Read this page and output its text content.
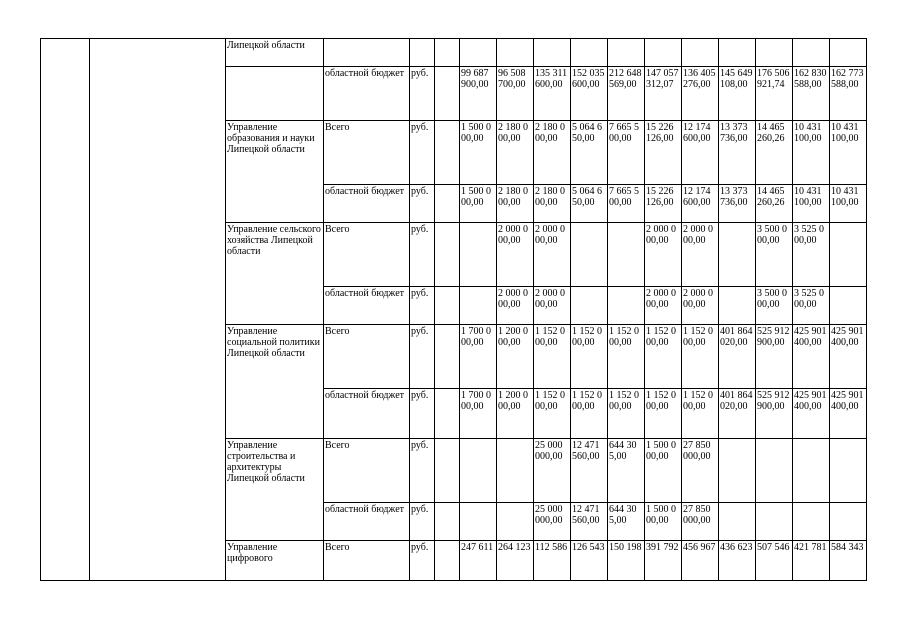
		Липецкой области														
			областной бюджет	руб.		99 687 900,00	96 508 700,00	135 311 600,00	152 035 600,00	212 648 569,00	147 057 312,07	136 405 276,00	145 649 108,00	176 506 921,74	162 830 588,00	162 773 588,00
		Управление образования и науки Липецкой области	Всего	руб.		1 500 000,00	2 180 000,00	2 180 000,00	5 064 650,00	7 665 500,00	15 226 126,00	12 174 600,00	13 373 736,00	14 465 260,26	10 431 100,00	10 431 100,00
			областной бюджет	руб.		1 500 000,00	2 180 000,00	2 180 000,00	5 064 650,00	7 665 500,00	15 226 126,00	12 174 600,00	13 373 736,00	14 465 260,26	10 431 100,00	10 431 100,00
		Управление сельского хозяйства Липецкой области	Всего	руб.			2 000 000,00	2 000 000,00			2 000 000,00	2 000 000,00		3 500 000,00	3 525 000,00	
			областной бюджет	руб.			2 000 000,00	2 000 000,00			2 000 000,00	2 000 000,00		3 500 000,00	3 525 000,00	
		Управление социальной политики Липецкой области	Всего	руб.		1 700 000,00	1 200 000,00	1 152 000,00	1 152 000,00	1 152 000,00	1 152 000,00	1 152 000,00	401 864 020,00	525 912 900,00	425 901 400,00	425 901 400,00
			областной бюджет	руб.		1 700 000,00	1 200 000,00	1 152 000,00	1 152 000,00	1 152 000,00	1 152 000,00	1 152 000,00	401 864 020,00	525 912 900,00	425 901 400,00	425 901 400,00
		Управление строительства и архитектуры Липецкой области	Всего	руб.				25 000 000,00	12 471 560,00	644 305,00	1 500 000,00	27 850 000,00				
			областной бюджет	руб.				25 000 000,00	12 471 560,00	644 305,00	1 500 000,00	27 850 000,00				
		Управление цифрового	Всего	руб.		247 611	264 123	112 586	126 543	150 198	391 792	456 967	436 623	507 546	421 781	584 343
